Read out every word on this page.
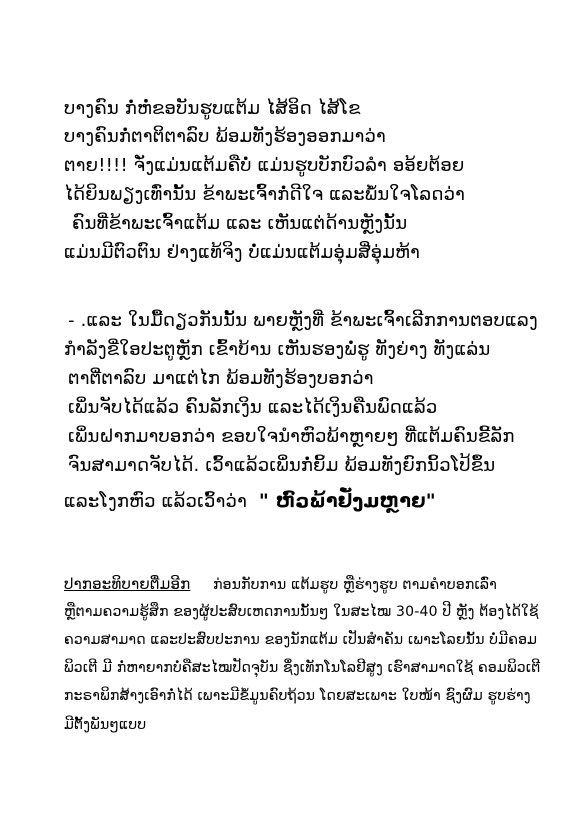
ບາງຄົນ ກໍ່ຫໍ່ຂອບັນຮູບແຕ້ມ ໄສ້ອິດ ໄສ້ໂຂ
ບາງຄົນກໍ່ຕາຕິຕາລົບ ພ້ອມທັງຮ້ອງອອກມາວ່າ
ຕາຍ!!!! ຈັ່ງແມ່ນແຕ້ມຄືບໍ່ ແມ່ນຮູບບັກບົວລຳ ອອ້ຍຕ້ອຍ
ໄດ້ຍິນພຽງເທົ່ານັ້ນ ຂ້າພະເຈົ້າກໍ່ດີໃຈ ແລະພໍ້ນໃຈໂລດວ່າ
ຄົນທີ່ຂ້າພະເຈົ້າແຕ້ມ ແລະ ເຫັນແຕ່ດ້ານຫຼັງນັ້ນ
ແມ່ນມີຕົວຕົນ ຢ່າງແທ້ຈິງ ບໍ່ແມ່ນແຕ້ມອຸ່ມສີ່ອຸ່ມຫ້າ
- .ແລະ ໃນມື້ດຽວກັນນັ້ນ ພາຍຫຼັງທີ່ ຂ້າພະເຈົ້າເລີກການຕອບແລງ
ກຳລັງຂີ່ໃອປະຕູຫຼັກ ເຂົ້າບ້ານ ເຫັນຮອງພໍ່ຮູ ທັງຍ່າງ ທັງແລ່ນ
ຕາຕີ່ຕາລົບ ມາແຕ່ໄກ ພ້ອມທັງຮ້ອງບອກວ່າ
ເພິ່ນຈັບໄດ້ແລ້ວ ຄົນລັກເງິນ ແລະໄດ້ເງິນຄືນພົດແລ້ວ
ເພິ່ນຝາກມາບອກວ່າ ຂອບໃຈນຳຫົວພ້າຫຼາຍໆ ທີ່ແຕ້ມຄົນຂີ້ລັກ
ຈົນສາມາດຈັບໄດ້. ເວົ້າແລ້ວເພິ່ນກໍ່ຍິ້ມ ພ້ອມທັງຍົກນິ້ວໂປ້ຂຶ້ນ
ແລະໂງກຫົວ ແລ້ວເວົ້າວ່າ " ຫົວພ້າຢັ່ງມຫຼາຍ"
ປາກອະທິບາຍຕື່ມອີກ ກ່ອນກັບການ ແຕ້ມຮູບ ຫຼືຮ່າງຮູບ ຕາມຄຳບອກເລົ່າ
ຫຼືຕາມຄວາມຮູ້ສຶກ ຂອງຜູ້ປະສົບເຫດການນັ້ນໆ ໃນສະໄໝ 30-40 ປີ ຫຼັງ ຕ້ອງໄດ້ໃຊ້
ຄວາມສາມາດ ແລະປະສົບປະການ ຂອງນັກແຕ້ມ ເປັນສຳຄັນ ເພາະໂລຍນັ້ນ ບໍ່ມີຄອມ
ພິວເຕີ ມີ ກໍ່ຫາຍາກບໍ່ຄືສະໄໝປັດຈຸບັນ ຊຶ່ງເທັກໂນໂລຢີສູງ ເຮົາສາມາດໃຊ້ ຄອມພິວເຕີ
ກະຣາພິກສ້າງເອົາກໍ່ໄດ້ ເພາະມີຂໍ້ມູນຄົບຖ້ວນ ໂດຍສະເພາະ ໃບໜ້າ ຊົງຜົມ ຮູບຮ່າງ
ມີຕັ້ງພັນໆແບບ
